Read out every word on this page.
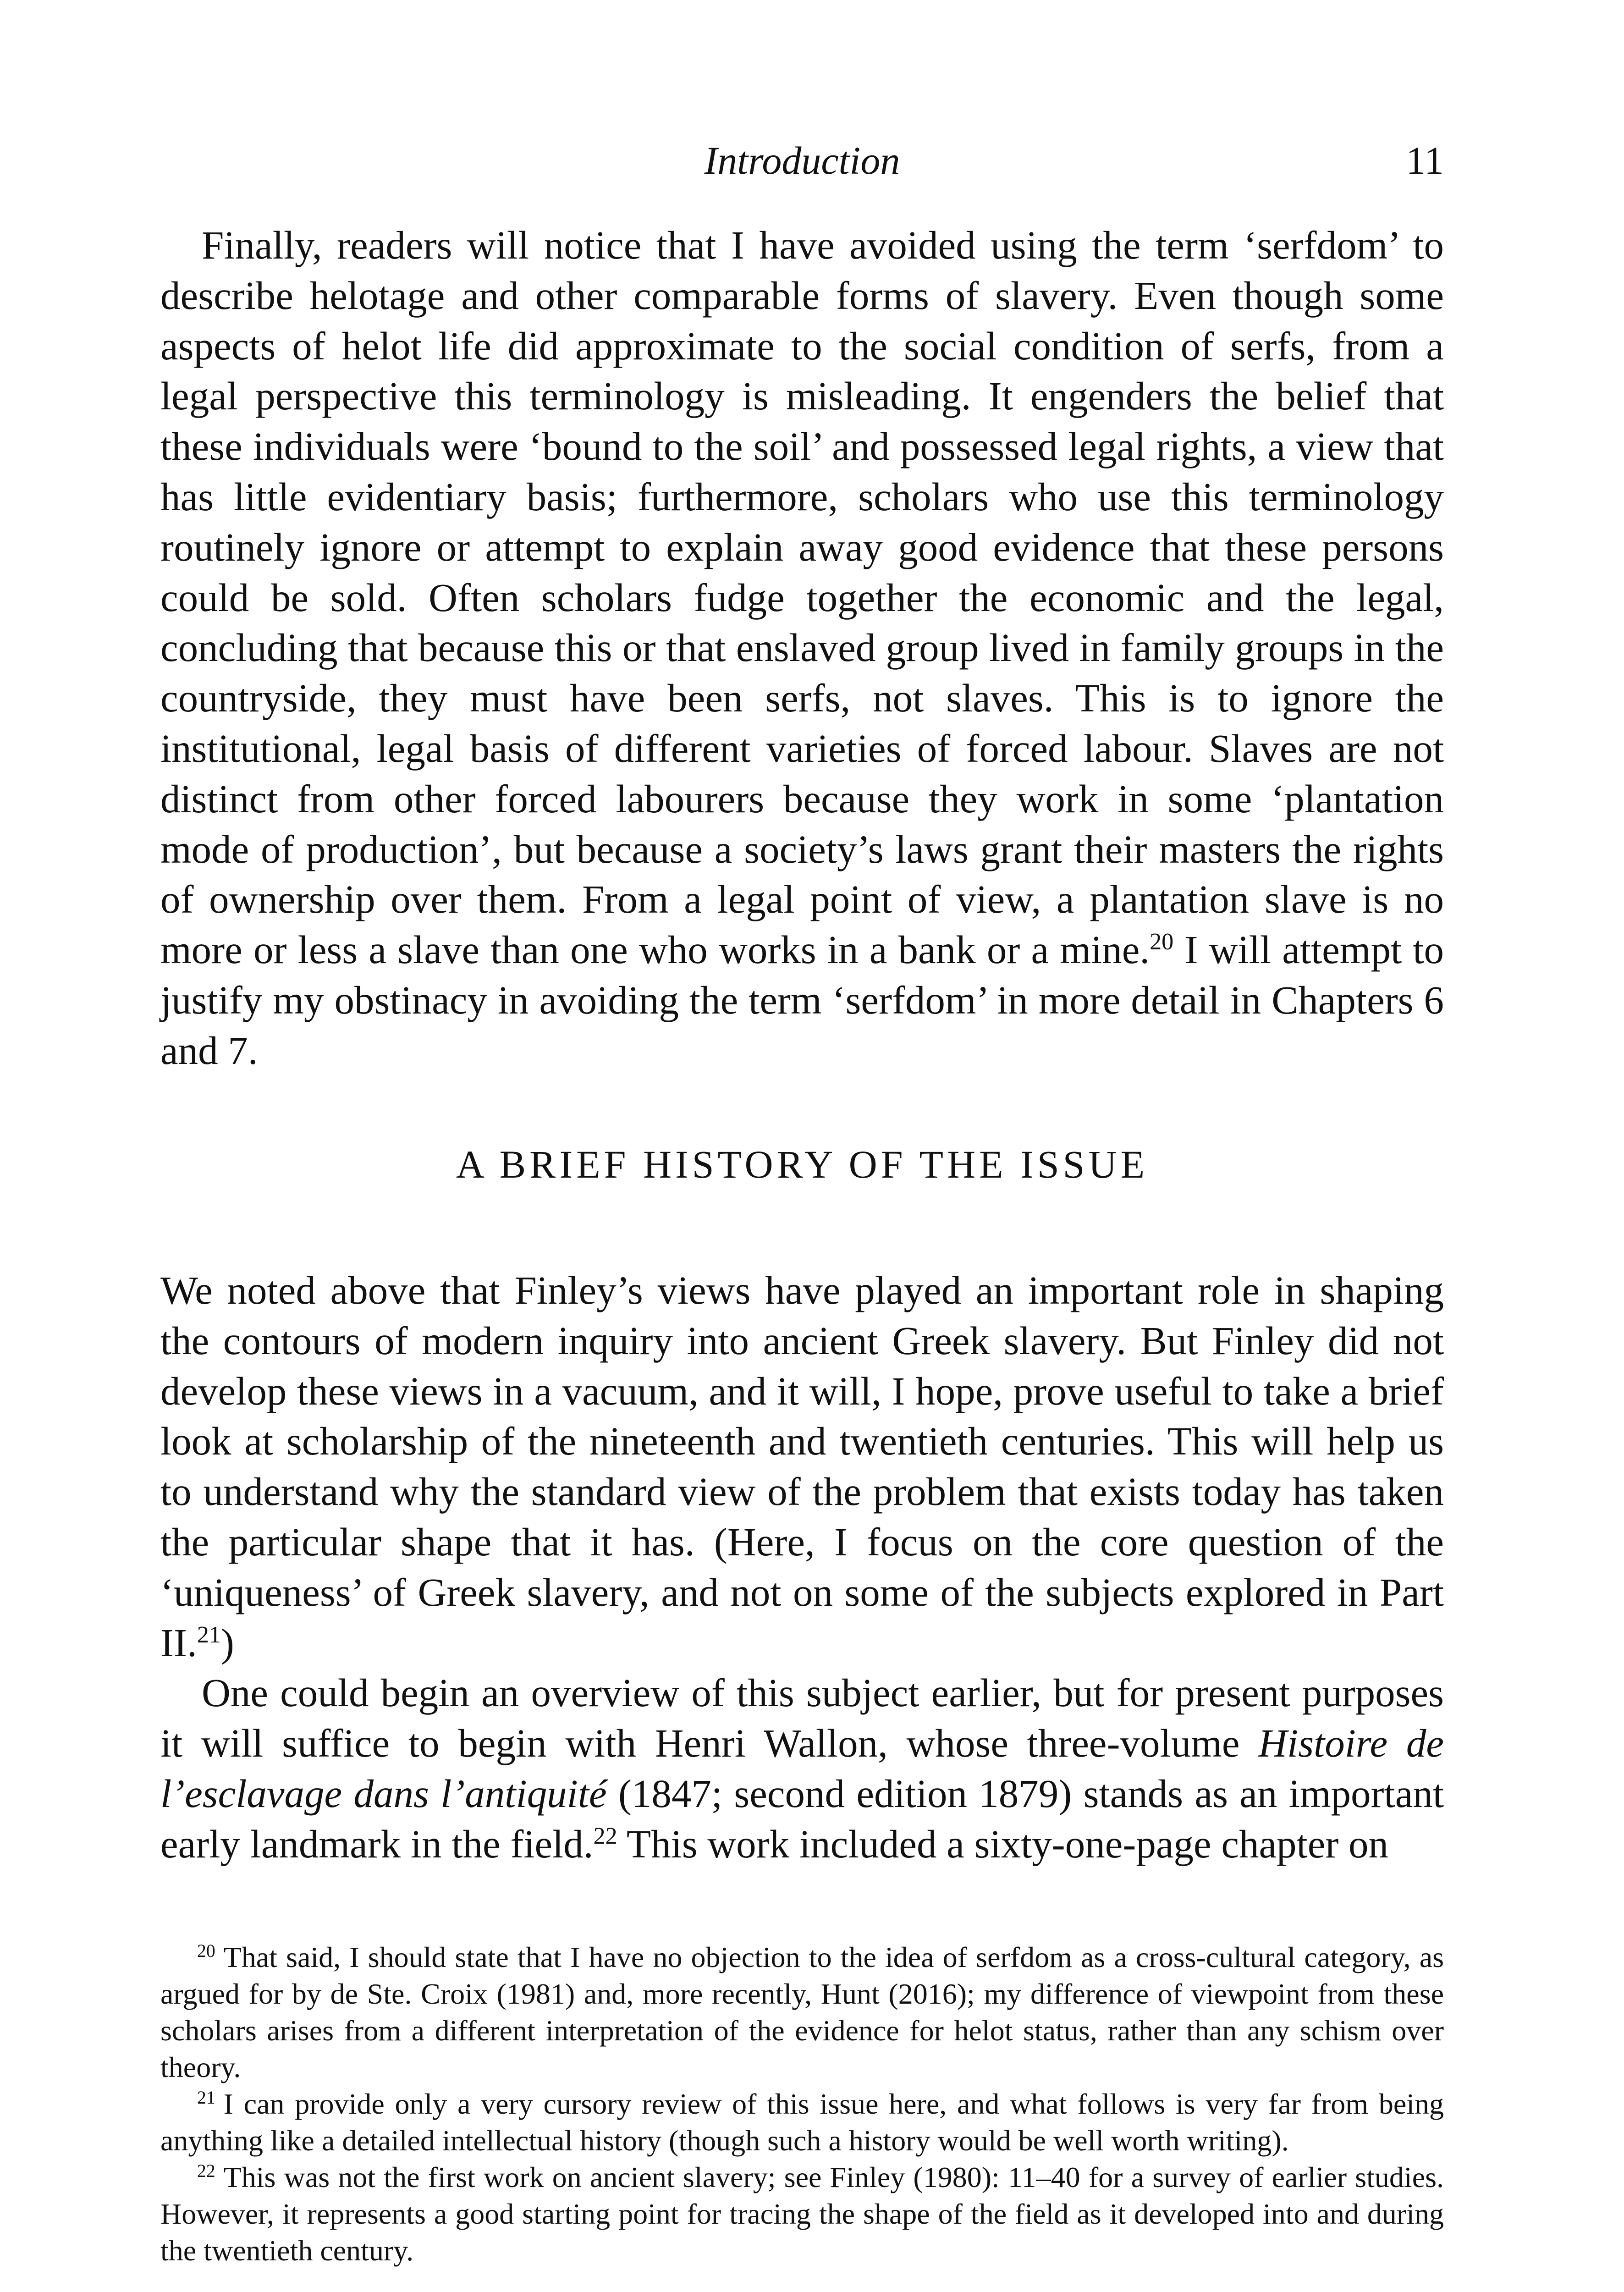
Introduction	11

Finally, readers will notice that I have avoided using the term ‘serfdom’ to describe helotage and other comparable forms of slavery. Even though some aspects of helot life did approximate to the social condition of serfs, from a legal perspective this terminology is misleading. It engenders the belief that these individuals were ‘bound to the soil’ and possessed legal rights, a view that has little evidentiary basis; furthermore, scholars who use this terminology routinely ignore or attempt to explain away good evidence that these persons could be sold. Often scholars fudge together the economic and the legal, concluding that because this or that enslaved group lived in family groups in the countryside, they must have been serfs, not slaves. This is to ignore the institutional, legal basis of different varieties of forced labour. Slaves are not distinct from other forced labourers because they work in some ‘plantation mode of production’, but because a society’s laws grant their masters the rights of ownership over them. From a legal point of view, a plantation slave is no more or less a slave than one who works in a bank or a mine.$^{20}$ I will attempt to justify my obstinacy in avoiding the term ‘serfdom’ in more detail in Chapters 6 and 7.

A BRIEF HISTORY OF THE ISSUE

We noted above that Finley’s views have played an important role in shaping the contours of modern inquiry into ancient Greek slavery. But Finley did not develop these views in a vacuum, and it will, I hope, prove useful to take a brief look at scholarship of the nineteenth and twentieth centuries. This will help us to understand why the standard view of the problem that exists today has taken the particular shape that it has. (Here, I focus on the core question of the ‘uniqueness’ of Greek slavery, and not on some of the subjects explored in Part II.$^{21}$)

One could begin an overview of this subject earlier, but for present purposes it will suffice to begin with Henri Wallon, whose three-volume Histoire de l’esclavage dans l’antiquité (1847; second edition 1879) stands as an important early landmark in the field.$^{22}$ This work included a sixty-one-page chapter on

$^{20}$ That said, I should state that I have no objection to the idea of serfdom as a cross-cultural category, as argued for by de Ste. Croix (1981) and, more recently, Hunt (2016); my difference of viewpoint from these scholars arises from a different interpretation of the evidence for helot status, rather than any schism over theory.

$^{21}$ I can provide only a very cursory review of this issue here, and what follows is very far from being anything like a detailed intellectual history (though such a history would be well worth writing).

$^{22}$ This was not the first work on ancient slavery; see Finley (1980): 11–40 for a survey of earlier studies. However, it represents a good starting point for tracing the shape of the field as it developed into and during the twentieth century.
